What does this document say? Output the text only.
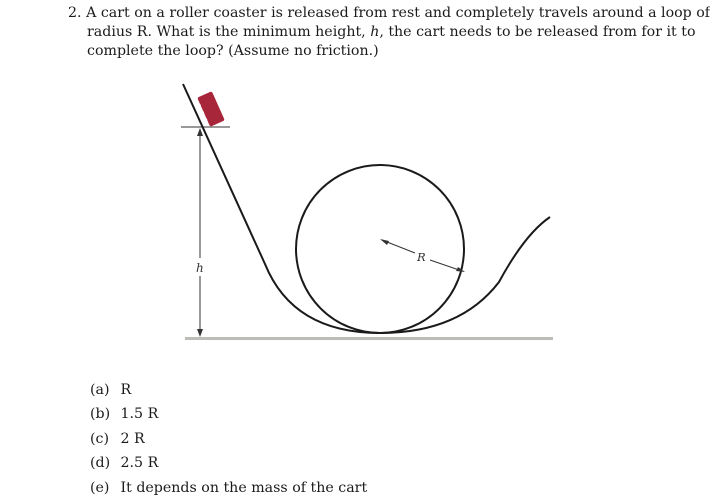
2. A cart on a roller coaster is released from rest and completely travels around a loop of
radius R. What is the minimum height, h, the cart needs to be released from for it to
complete the loop? (Assume no friction.)
h
R
(a) R
(b) 1.5 R
(c) 2 R
(d) 2.5 R
(e) It depends on the mass of the cart
